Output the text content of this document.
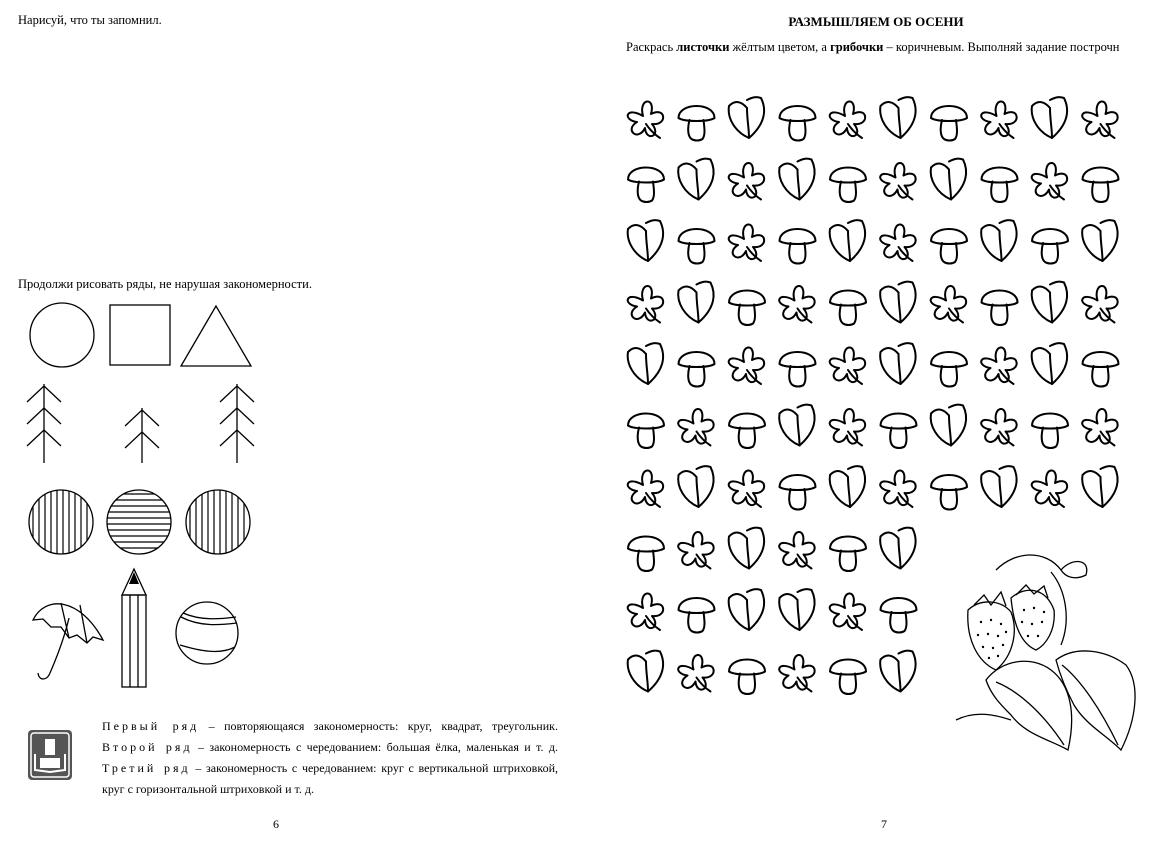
Нарисуй, что ты запомнил.
Продолжи рисовать ряды, не нарушая закономерности.
Первый ряд – повторяющаяся закономерность: круг, квадрат, треугольник. Второй ряд – закономерность с чередованием: большая ёлка, маленькая и т. д. Третий ряд – закономерность с чередованием: круг с вертикальной штриховкой, круг с горизонтальной штриховкой и т. д.
6
РАЗМЫШЛЯЕМ ОБ ОСЕНИ
Раскрась листочки жёлтым цветом, а грибочки – коричневым. Выполняй задание построчн
7
